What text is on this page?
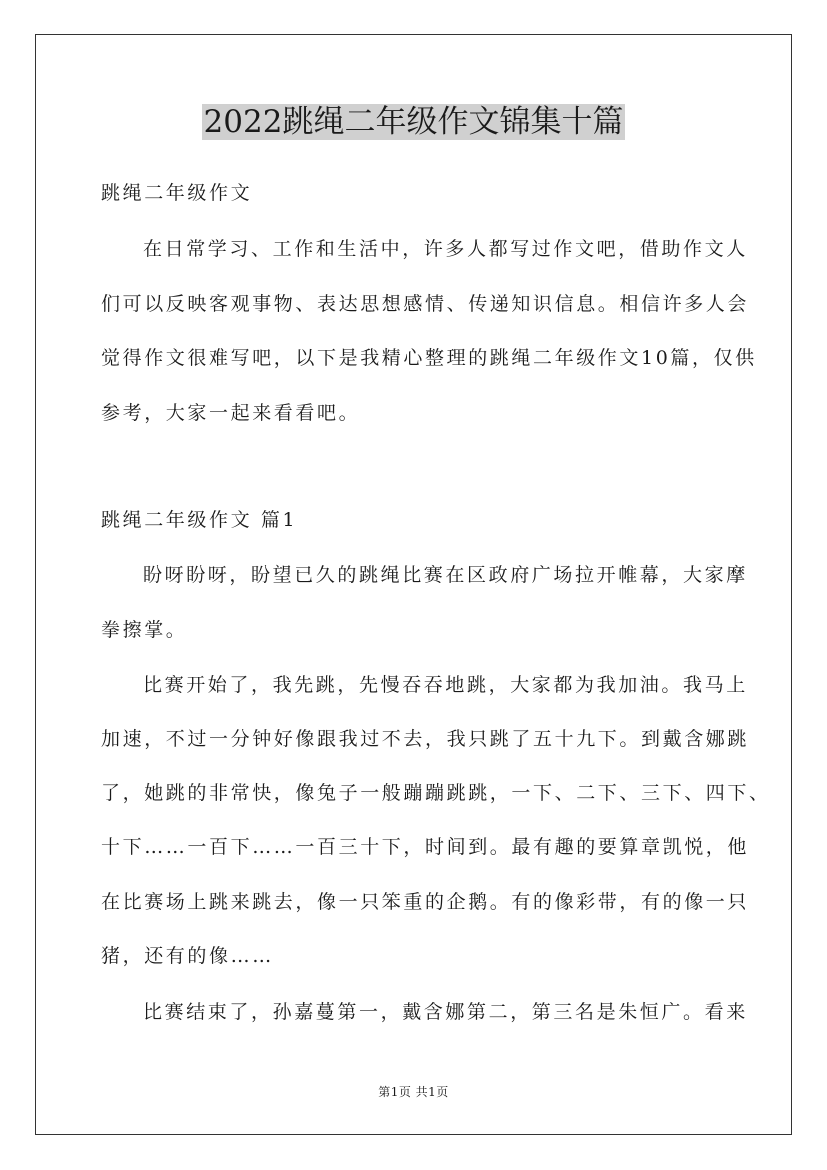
2022跳绳二年级作文锦集十篇
跳绳二年级作文
在日常学习、工作和生活中，许多人都写过作文吧，借助作文人
们可以反映客观事物、表达思想感情、传递知识信息。相信许多人会
觉得作文很难写吧，以下是我精心整理的跳绳二年级作文10篇，仅供
参考，大家一起来看看吧。
跳绳二年级作文 篇1
盼呀盼呀，盼望已久的跳绳比赛在区政府广场拉开帷幕，大家摩
拳擦掌。
比赛开始了，我先跳，先慢吞吞地跳，大家都为我加油。我马上
加速，不过一分钟好像跟我过不去，我只跳了五十九下。到戴含娜跳
了，她跳的非常快，像兔子一般蹦蹦跳跳，一下、二下、三下、四下、
十下……一百下……一百三十下，时间到。最有趣的要算章凯悦，他
在比赛场上跳来跳去，像一只笨重的企鹅。有的像彩带，有的像一只
猪，还有的像……
比赛结束了，孙嘉蔓第一，戴含娜第二，第三名是朱恒广。看来
第1页 共1页
